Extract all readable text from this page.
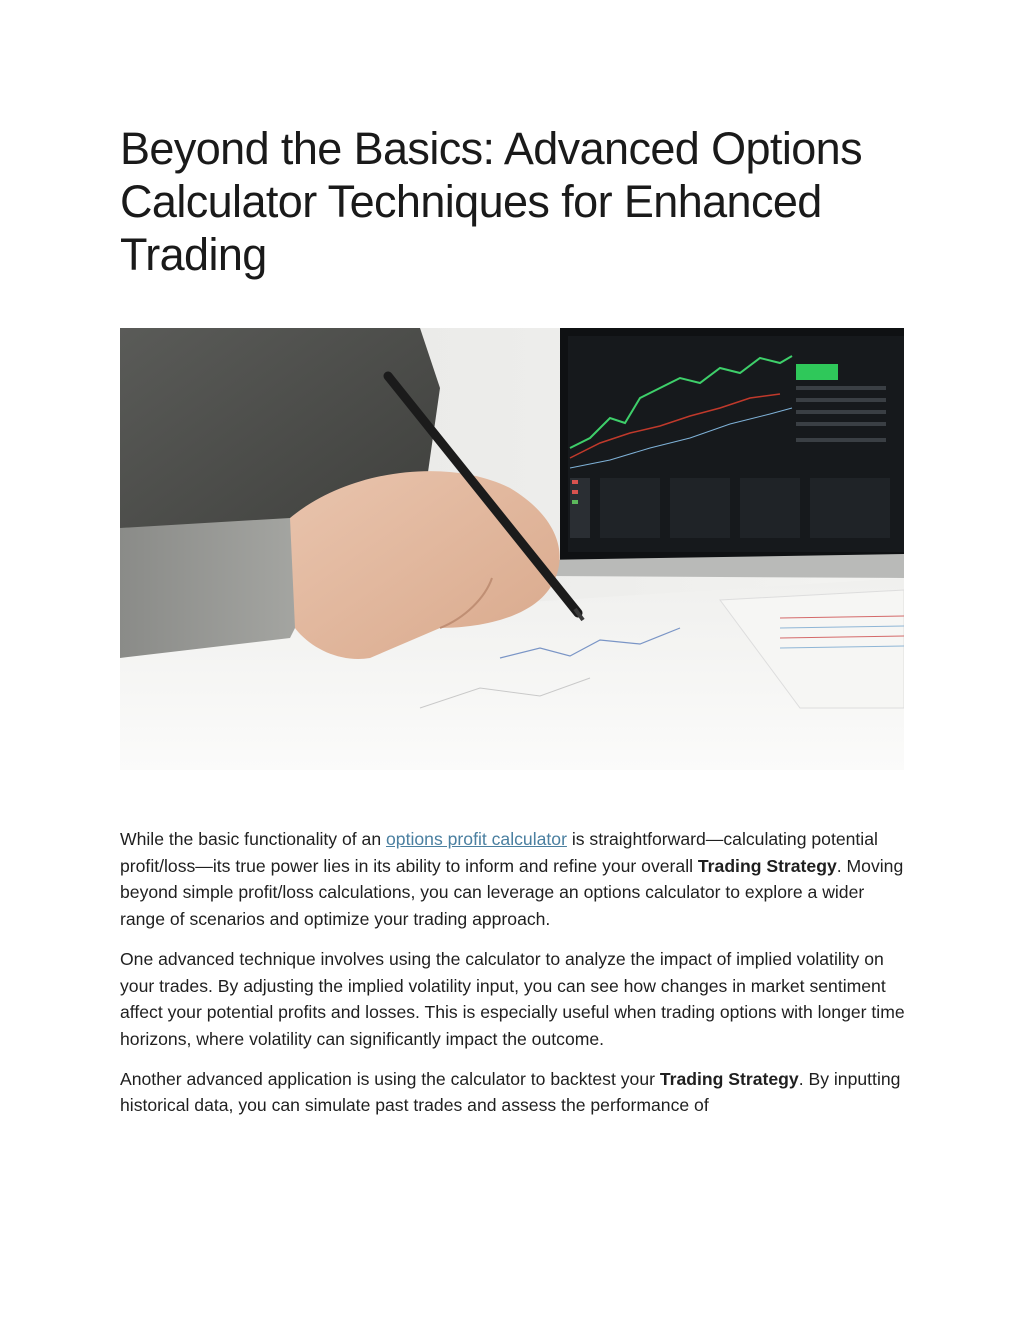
Beyond the Basics: Advanced Options Calculator Techniques for Enhanced Trading

While the basic functionality of an options profit calculator is straightforward—calculating potential profit/loss—its true power lies in its ability to inform and refine your overall Trading Strategy. Moving beyond simple profit/loss calculations, you can leverage an options calculator to explore a wider range of scenarios and optimize your trading approach.

One advanced technique involves using the calculator to analyze the impact of implied volatility on your trades. By adjusting the implied volatility input, you can see how changes in market sentiment affect your potential profits and losses. This is especially useful when trading options with longer time horizons, where volatility can significantly impact the outcome.

Another advanced application is using the calculator to backtest your Trading Strategy. By inputting historical data, you can simulate past trades and assess the performance of
